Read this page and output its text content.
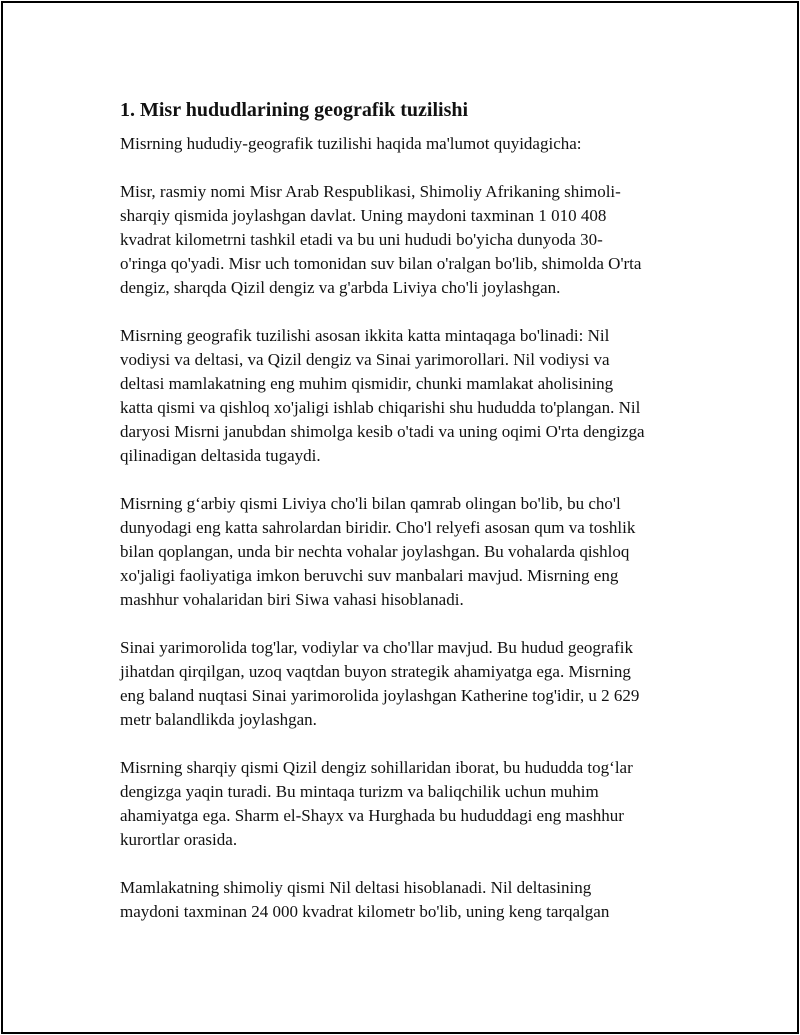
1. Misr hududlarining geografik tuzilishi

Misrning hududiy-geografik tuzilishi haqida ma'lumot quyidagicha:

Misr, rasmiy nomi Misr Arab Respublikasi, Shimoliy Afrikaning shimoli-
sharqiy qismida joylashgan davlat. Uning maydoni taxminan 1 010 408
kvadrat kilometrni tashkil etadi va bu uni hududi bo'yicha dunyoda 30-
o'ringa qo'yadi. Misr uch tomonidan suv bilan o'ralgan bo'lib, shimolda O'rta
dengiz, sharqda Qizil dengiz va g'arbda Liviya cho'li joylashgan.

Misrning geografik tuzilishi asosan ikkita katta mintaqaga bo'linadi: Nil
vodiysi va deltasi, va Qizil dengiz va Sinai yarimorollari. Nil vodiysi va
deltasi mamlakatning eng muhim qismidir, chunki mamlakat aholisining
katta qismi va qishloq xo'jaligi ishlab chiqarishi shu hududda to'plangan. Nil
daryosi Misrni janubdan shimolga kesib o'tadi va uning oqimi O'rta dengizga
qilinadigan deltasida tugaydi.

Misrning g‘arbiy qismi Liviya cho'li bilan qamrab olingan bo'lib, bu cho'l
dunyodagi eng katta sahrolardan biridir. Cho'l relyefi asosan qum va toshlik
bilan qoplangan, unda bir nechta vohalar joylashgan. Bu vohalarda qishloq
xo'jaligi faoliyatiga imkon beruvchi suv manbalari mavjud. Misrning eng
mashhur vohalaridan biri Siwa vahasi hisoblanadi.

Sinai yarimorolida tog'lar, vodiylar va cho'llar mavjud. Bu hudud geografik
jihatdan qirqilgan, uzoq vaqtdan buyon strategik ahamiyatga ega. Misrning
eng baland nuqtasi Sinai yarimorolida joylashgan Katherine tog'idir, u 2 629
metr balandlikda joylashgan.

Misrning sharqiy qismi Qizil dengiz sohillaridan iborat, bu hududda tog‘lar
dengizga yaqin turadi. Bu mintaqa turizm va baliqchilik uchun muhim
ahamiyatga ega. Sharm el-Shayx va Hurghada bu hududdagi eng mashhur
kurortlar orasida.

Mamlakatning shimoliy qismi Nil deltasi hisoblanadi. Nil deltasining
maydoni taxminan 24 000 kvadrat kilometr bo'lib, uning keng tarqalgan
